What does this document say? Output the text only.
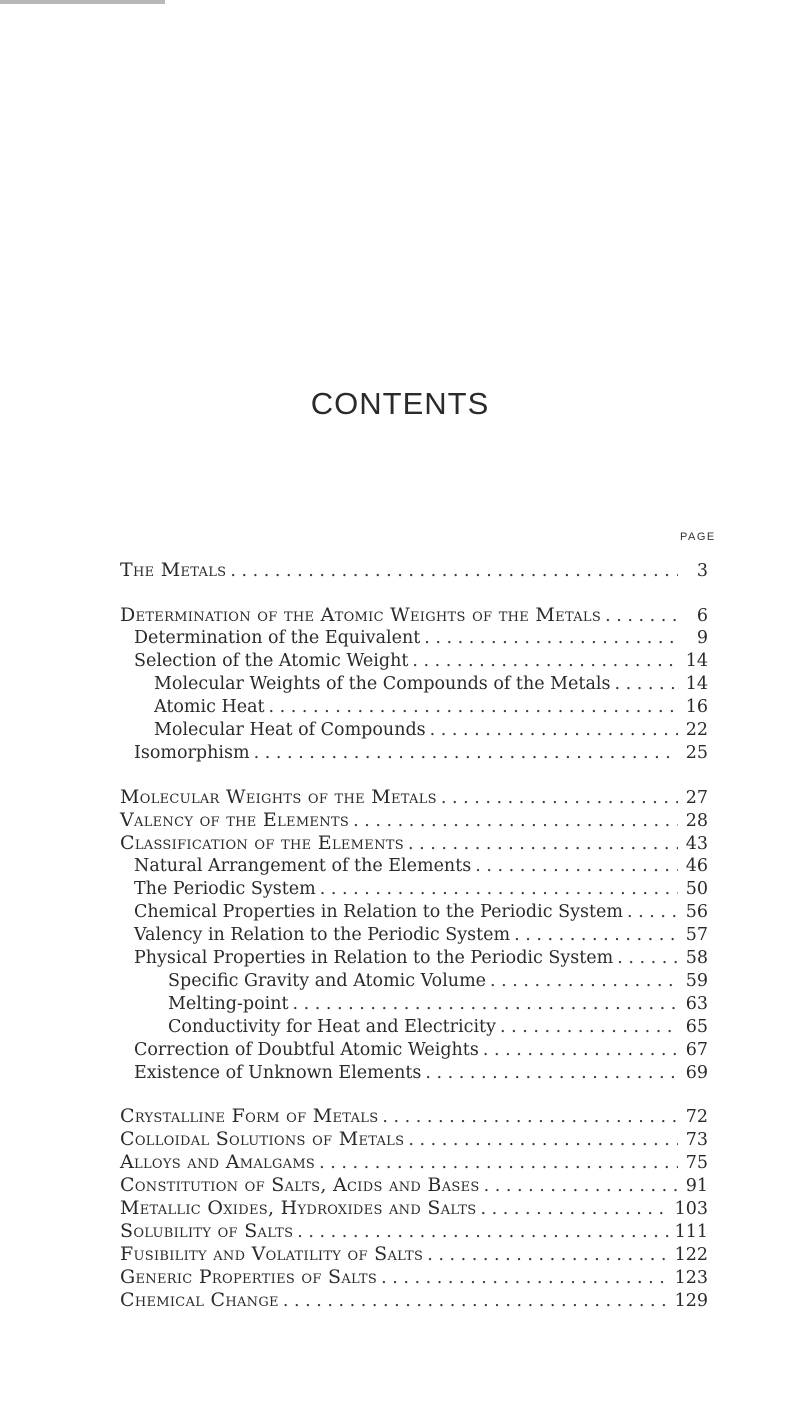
CONTENTS
PAGE
The Metals . . .	3
Determination of the Atomic Weights of the Metals . . .	6
Determination of the Equivalent . . .	9
Selection of the Atomic Weight . . .	14
Molecular Weights of the Compounds of the Metals . . .	14
Atomic Heat . . .	16
Molecular Heat of Compounds . . .	22
Isomorphism . . .	25
Molecular Weights of the Metals . . .	27
Valency of the Elements . . .	28
Classification of the Elements . . .	43
Natural Arrangement of the Elements . . .	46
The Periodic System . . .	50
Chemical Properties in Relation to the Periodic System . . .	56
Valency in Relation to the Periodic System . . .	57
Physical Properties in Relation to the Periodic System . . .	58
Specific Gravity and Atomic Volume . . .	59
Melting-point . . .	63
Conductivity for Heat and Electricity . . .	65
Correction of Doubtful Atomic Weights . . .	67
Existence of Unknown Elements . . .	69
Crystalline Form of Metals . . .	72
Colloidal Solutions of Metals . . .	73
Alloys and Amalgams . . .	75
Constitution of Salts, Acids and Bases . . .	91
Metallic Oxides, Hydroxides and Salts . . .	103
Solubility of Salts . . .	111
Fusibility and Volatility of Salts . . .	122
Generic Properties of Salts . . .	123
Chemical Change . . .	129
